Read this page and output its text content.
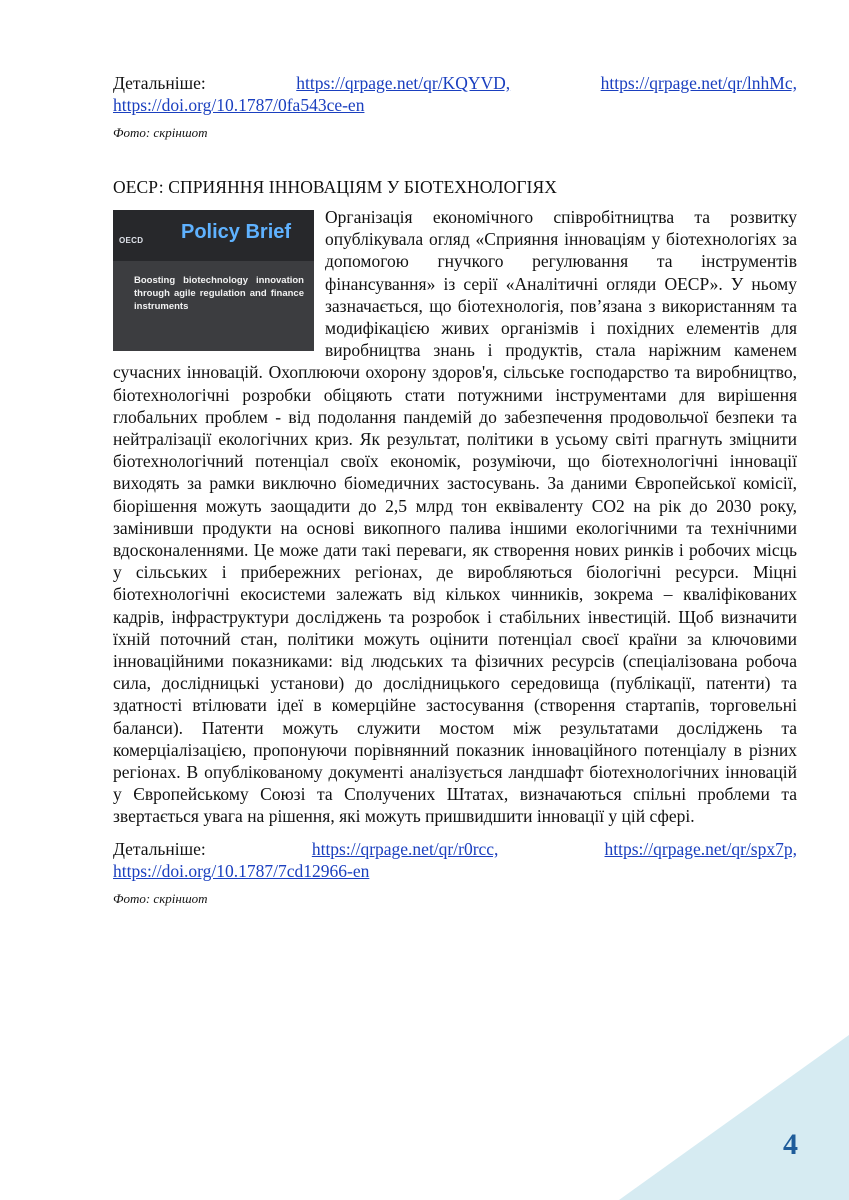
Детальніше:	https://qrpage.net/qr/KQYVD,	https://qrpage.net/qr/lnhMc,
https://doi.org/10.1787/0fa543ce-en
Фото: скріншот
ОЕСР: СПРИЯННЯ ІННОВАЦІЯМ У БІОТЕХНОЛОГІЯХ
OECD Policy Brief
Boosting biotechnology innovation through agile regulation and finance instruments

Організація економічного співробітництва та розвитку опублікувала огляд «Сприяння інноваціям у біотехнологіях за допомогою гнучкого регулювання та інструментів фінансування» із серії «Аналітичні огляди ОЕСР». У ньому зазначається, що біотехнологія, пов’язана з використанням та модифікацією живих організмів і похідних елементів для виробництва знань і продуктів, стала наріжним каменем сучасних інновацій. Охоплюючи охорону здоров'я, сільське господарство та виробництво, біотехнологічні розробки обіцяють стати потужними інструментами для вирішення глобальних проблем - від подолання пандемій до забезпечення продовольчої безпеки та нейтралізації екологічних криз. Як результат, політики в усьому світі прагнуть зміцнити біотехнологічний потенціал своїх економік, розуміючи, що біотехнологічні інновації виходять за рамки виключно біомедичних застосувань. За даними Європейської комісії, біорішення можуть заощадити до 2,5 млрд тон еквіваленту CO2 на рік до 2030 року, замінивши продукти на основі викопного палива іншими екологічними та технічними вдосконаленнями. Це може дати такі переваги, як створення нових ринків і робочих місць у сільських і прибережних регіонах, де виробляються біологічні ресурси. Міцні біотехнологічні екосистеми залежать від кількох чинників, зокрема – кваліфікованих кадрів, інфраструктури досліджень та розробок і стабільних інвестицій. Щоб визначити їхній поточний стан, політики можуть оцінити потенціал своєї країни за ключовими інноваційними показниками: від людських та фізичних ресурсів (спеціалізована робоча сила, дослідницькі установи) до дослідницького середовища (публікації, патенти) та здатності втілювати ідеї в комерційне застосування (створення стартапів, торговельні баланси). Патенти можуть служити мостом між результатами досліджень та комерціалізацією, пропонуючи порівнянний показник інноваційного потенціалу в різних регіонах. В опублікованому документі аналізується ландшафт біотехнологічних інновацій у Європейському Союзі та Сполучених Штатах, визначаються спільні проблеми та звертається увага на рішення, які можуть пришвидшити інновації у цій сфері.

Детальніше:	https://qrpage.net/qr/r0rcc,	https://qrpage.net/qr/spx7p,
https://doi.org/10.1787/7cd12966-en
Фото: скріншот
4
